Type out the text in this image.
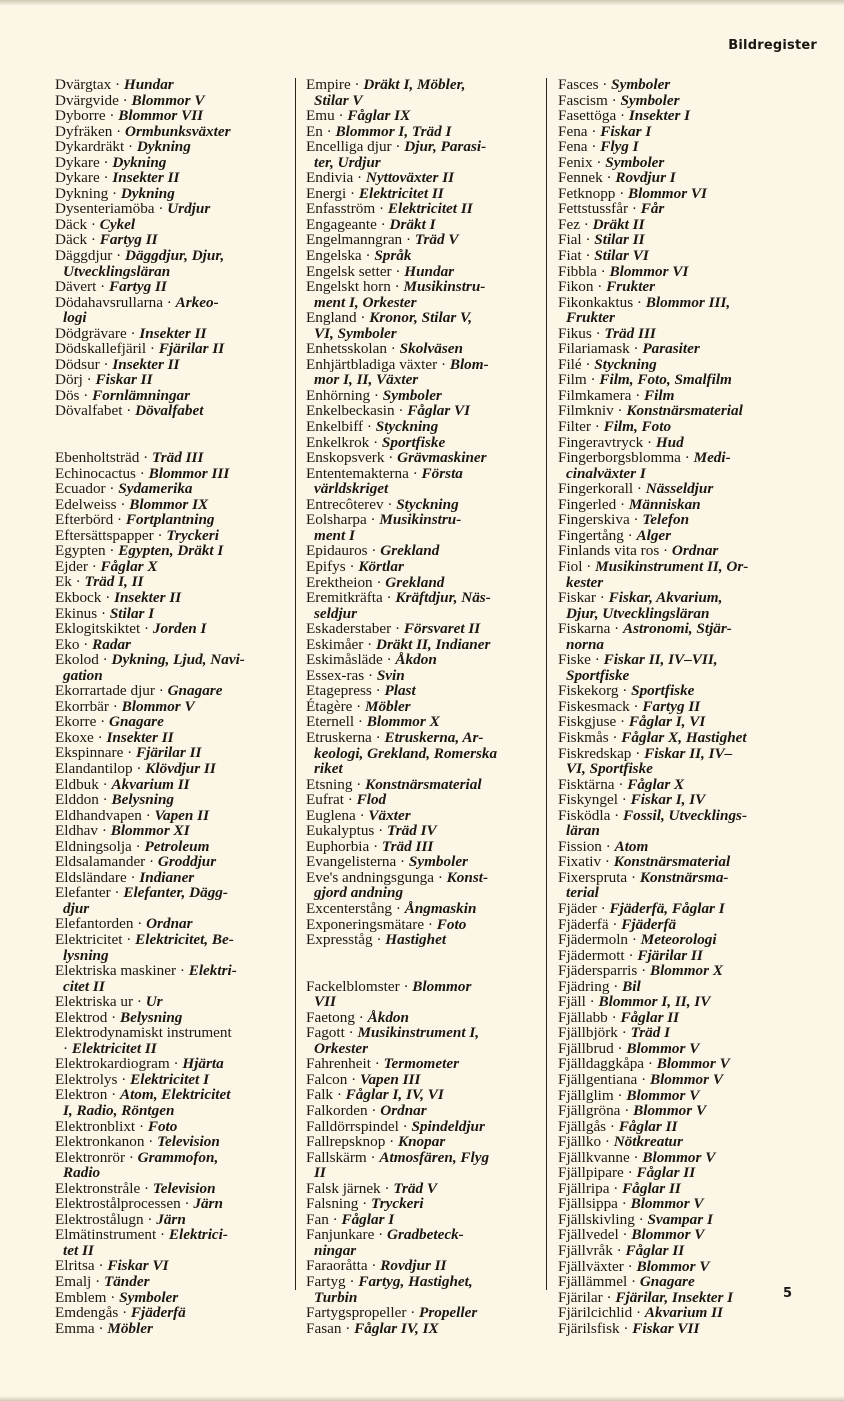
Bildregister
Dvärgtax · Hundar
Dvärgvide · Blommor V
Dyborre · Blommor VII
Dyfräken · Ormbunksväxter
Dykardräkt · Dykning
Dykare · Dykning
Dykare · Insekter II
Dykning · Dykning
Dysenteriamöba · Urdjur
Däck · Cykel
Däck · Fartyg II
Däggdjur · Däggdjur, Djur,
Utvecklingsläran
Dävert · Fartyg II
Dödahavsrullarna · Arkeo-
logi
Dödgrävare · Insekter II
Dödskallefjäril · Fjärilar II
Dödsur · Insekter II
Dörj · Fiskar II
Dös · Fornlämningar
Dövalfabet · Dövalfabet
Ebenholtsträd · Träd III
Echinocactus · Blommor III
Ecuador · Sydamerika
Edelweiss · Blommor IX
Efterbörd · Fortplantning
Eftersättspapper · Tryckeri
Egypten · Egypten, Dräkt I
Ejder · Fåglar X
Ek · Träd I, II
Ekbock · Insekter II
Ekinus · Stilar I
Eklogitskiktet · Jorden I
Eko · Radar
Ekolod · Dykning, Ljud, Navi-
gation
Ekorrartade djur · Gnagare
Ekorrbär · Blommor V
Ekorre · Gnagare
Ekoxe · Insekter II
Ekspinnare · Fjärilar II
Elandantilop · Klövdjur II
Eldbuk · Akvarium II
Elddon · Belysning
Eldhandvapen · Vapen II
Eldhav · Blommor XI
Eldningsolja · Petroleum
Eldsalamander · Groddjur
Eldsländare · Indianer
Elefanter · Elefanter, Dägg-
djur
Elefantorden · Ordnar
Elektricitet · Elektricitet, Be-
lysning
Elektriska maskiner · Elektri-
citet II
Elektriska ur · Ur
Elektrod · Belysning
Elektrodynamiskt instrument
· Elektricitet II
Elektrokardiogram · Hjärta
Elektrolys · Elektricitet I
Elektron · Atom, Elektricitet
I, Radio, Röntgen
Elektronblixt · Foto
Elektronkanon · Television
Elektronrör · Grammofon,
Radio
Elektronstråle · Television
Elektrostålprocessen · Järn
Elektrostålugn · Järn
Elmätinstrument · Elektrici-
tet II
Elritsa · Fiskar VI
Emalj · Tänder
Emblem · Symboler
Emdengås · Fjäderfä
Emma · Möbler
Empire · Dräkt I, Möbler,
Stilar V
Emu · Fåglar IX
En · Blommor I, Träd I
Encelliga djur · Djur, Parasi-
ter, Urdjur
Endivia · Nyttoväxter II
Energi · Elektricitet II
Enfasström · Elektricitet II
Engageante · Dräkt I
Engelmanngran · Träd V
Engelska · Språk
Engelsk setter · Hundar
Engelskt horn · Musikinstru-
ment I, Orkester
England · Kronor, Stilar V,
VI, Symboler
Enhetsskolan · Skolväsen
Enhjärtbladiga växter · Blom-
mor I, II, Växter
Enhörning · Symboler
Enkelbeckasin · Fåglar VI
Enkelbiff · Styckning
Enkelkrok · Sportfiske
Enskopsverk · Grävmaskiner
Ententemakterna · Första
världskriget
Entrecôterev · Styckning
Eolsharpa · Musikinstru-
ment I
Epidauros · Grekland
Epifys · Körtlar
Erektheion · Grekland
Eremitkräfta · Kräftdjur, Näs-
seldjur
Eskaderstaber · Försvaret II
Eskimåer · Dräkt II, Indianer
Eskimåsläde · Åkdon
Essex-ras · Svin
Etagepress · Plast
Étagère · Möbler
Eternell · Blommor X
Etruskerna · Etruskerna, Ar-
keologi, Grekland, Romerska
riket
Etsning · Konstnärsmaterial
Eufrat · Flod
Euglena · Växter
Eukalyptus · Träd IV
Euphorbia · Träd III
Evangelisterna · Symboler
Eve's andningsgunga · Konst-
gjord andning
Excenterstång · Ångmaskin
Exponeringsmätare · Foto
Expresståg · Hastighet
Fackelblomster · Blommor
VII
Faetong · Åkdon
Fagott · Musikinstrument I,
Orkester
Fahrenheit · Termometer
Falcon · Vapen III
Falk · Fåglar I, IV, VI
Falkorden · Ordnar
Falldörrspindel · Spindeldjur
Fallrepsknop · Knopar
Fallskärm · Atmosfären, Flyg
II
Falsk järnek · Träd V
Falsning · Tryckeri
Fan · Fåglar I
Fanjunkare · Gradbeteck-
ningar
Faraoråtta · Rovdjur II
Fartyg · Fartyg, Hastighet,
Turbin
Fartygspropeller · Propeller
Fasan · Fåglar IV, IX
Fasces · Symboler
Fascism · Symboler
Fasettöga · Insekter I
Fena · Fiskar I
Fena · Flyg I
Fenix · Symboler
Fennek · Rovdjur I
Fetknopp · Blommor VI
Fettstussfår · Får
Fez · Dräkt II
Fial · Stilar II
Fiat · Stilar VI
Fibbla · Blommor VI
Fikon · Frukter
Fikonkaktus · Blommor III,
Frukter
Fikus · Träd III
Filariamask · Parasiter
Filé · Styckning
Film · Film, Foto, Smalfilm
Filmkamera · Film
Filmkniv · Konstnärsmaterial
Filter · Film, Foto
Fingeravtryck · Hud
Fingerborgsblomma · Medi-
cinalväxter I
Fingerkorall · Nässeldjur
Fingerled · Människan
Fingerskiva · Telefon
Fingertång · Alger
Finlands vita ros · Ordnar
Fiol · Musikinstrument II, Or-
kester
Fiskar · Fiskar, Akvarium,
Djur, Utvecklingsläran
Fiskarna · Astronomi, Stjär-
norna
Fiske · Fiskar II, IV–VII,
Sportfiske
Fiskekorg · Sportfiske
Fiskesmack · Fartyg II
Fiskgjuse · Fåglar I, VI
Fiskmås · Fåglar X, Hastighet
Fiskredskap · Fiskar II, IV–
VI, Sportfiske
Fisktärna · Fåglar X
Fiskyngel · Fiskar I, IV
Fisködla · Fossil, Utvecklings-
läran
Fission · Atom
Fixativ · Konstnärsmaterial
Fixerspruta · Konstnärsma-
terial
Fjäder · Fjäderfä, Fåglar I
Fjäderfä · Fjäderfä
Fjädermoln · Meteorologi
Fjädermott · Fjärilar II
Fjädersparris · Blommor X
Fjädring · Bil
Fjäll · Blommor I, II, IV
Fjällabb · Fåglar II
Fjällbjörk · Träd I
Fjällbrud · Blommor V
Fjälldaggkåpa · Blommor V
Fjällgentiana · Blommor V
Fjällglim · Blommor V
Fjällgröna · Blommor V
Fjällgås · Fåglar II
Fjällko · Nötkreatur
Fjällkvanne · Blommor V
Fjällpipare · Fåglar II
Fjällripa · Fåglar II
Fjällsippa · Blommor V
Fjällskivling · Svampar I
Fjällvedel · Blommor V
Fjällvråk · Fåglar II
Fjällväxter · Blommor V
Fjällämmel · Gnagare
Fjärilar · Fjärilar, Insekter I
Fjärilcichlid · Akvarium II
Fjärilsfisk · Fiskar VII
5
